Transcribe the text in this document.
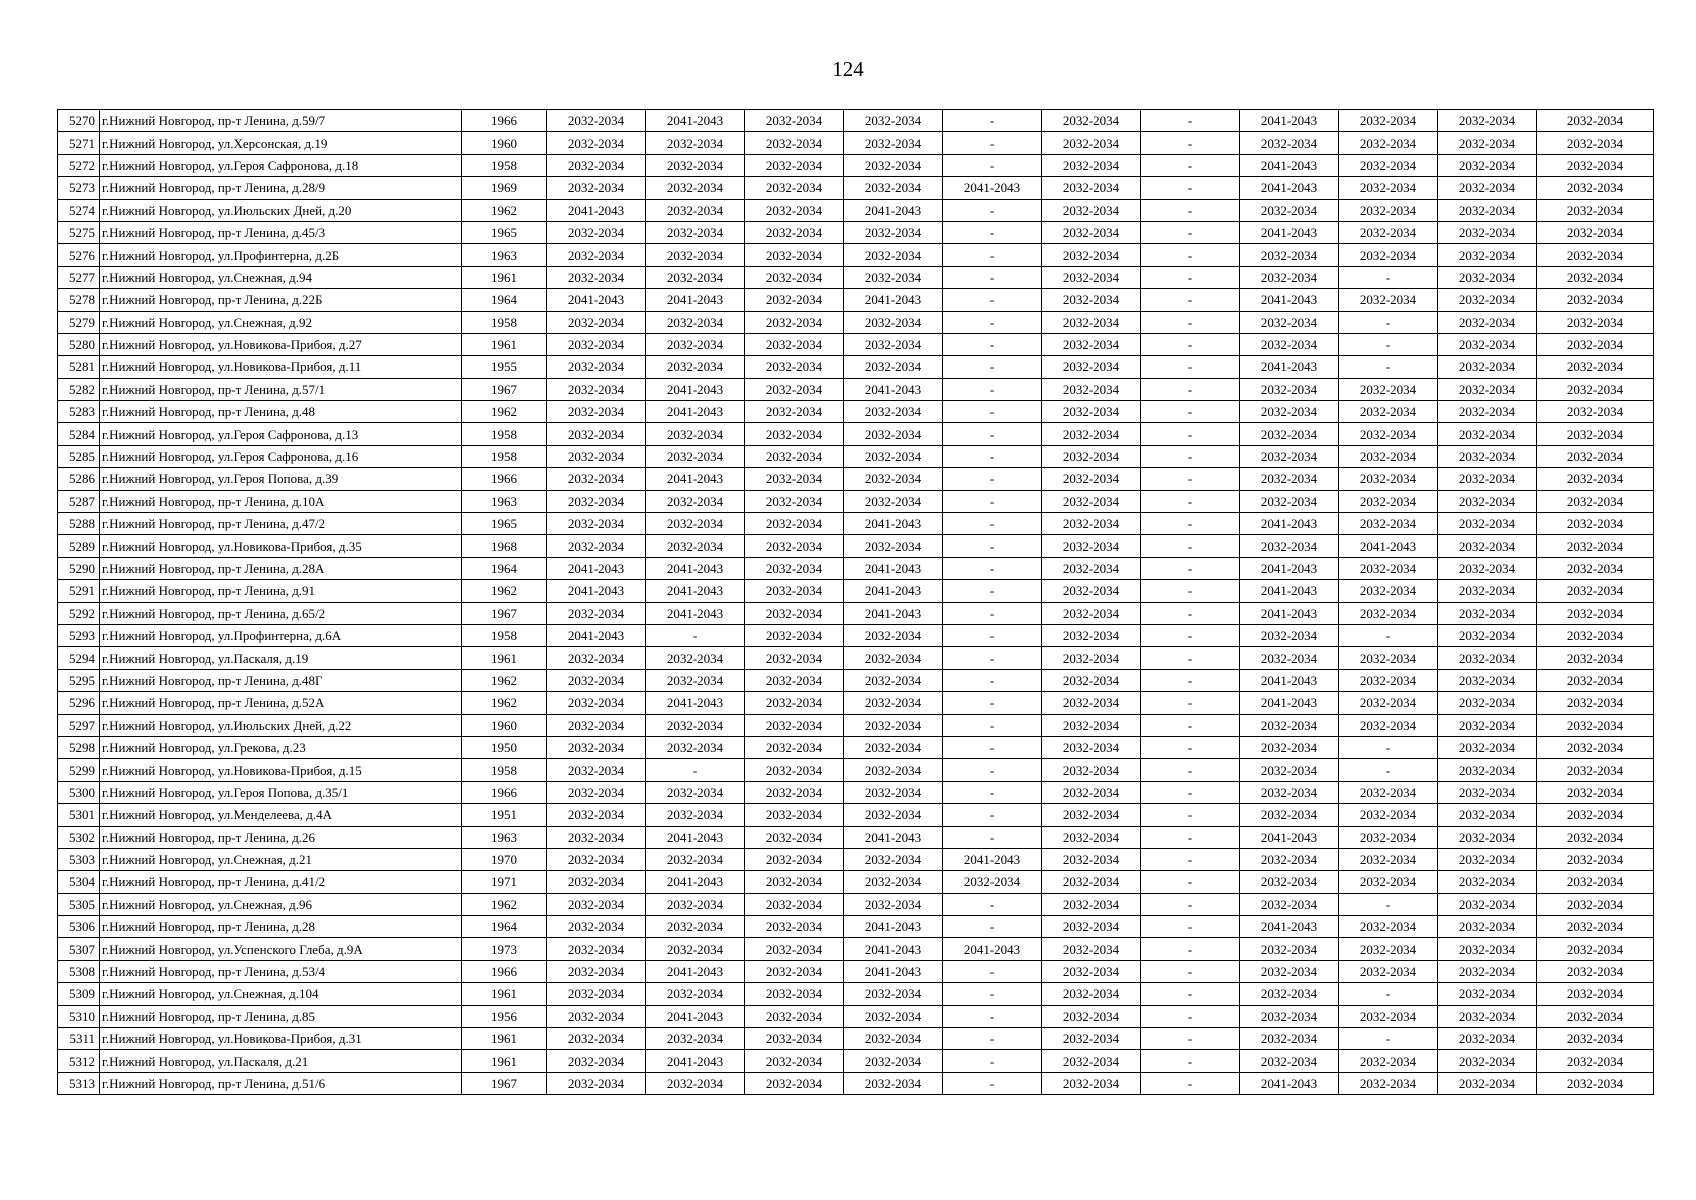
124
5270	г.Нижний Новгород, пр-т Ленина, д.59/7	1966	2032-2034	2041-2043	2032-2034	2032-2034	-	2032-2034	-	2041-2043	2032-2034	2032-2034	2032-2034
5271	г.Нижний Новгород, ул.Херсонская, д.19	1960	2032-2034	2032-2034	2032-2034	2032-2034	-	2032-2034	-	2032-2034	2032-2034	2032-2034	2032-2034
5272	г.Нижний Новгород, ул.Героя Сафронова, д.18	1958	2032-2034	2032-2034	2032-2034	2032-2034	-	2032-2034	-	2041-2043	2032-2034	2032-2034	2032-2034
5273	г.Нижний Новгород, пр-т Ленина, д.28/9	1969	2032-2034	2032-2034	2032-2034	2032-2034	2041-2043	2032-2034	-	2041-2043	2032-2034	2032-2034	2032-2034
5274	г.Нижний Новгород, ул.Июльских Дней, д.20	1962	2041-2043	2032-2034	2032-2034	2041-2043	-	2032-2034	-	2032-2034	2032-2034	2032-2034	2032-2034
5275	г.Нижний Новгород, пр-т Ленина, д.45/3	1965	2032-2034	2032-2034	2032-2034	2032-2034	-	2032-2034	-	2041-2043	2032-2034	2032-2034	2032-2034
5276	г.Нижний Новгород, ул.Профинтерна, д.2Б	1963	2032-2034	2032-2034	2032-2034	2032-2034	-	2032-2034	-	2032-2034	2032-2034	2032-2034	2032-2034
5277	г.Нижний Новгород, ул.Снежная, д.94	1961	2032-2034	2032-2034	2032-2034	2032-2034	-	2032-2034	-	2032-2034	-	2032-2034	2032-2034
5278	г.Нижний Новгород, пр-т Ленина, д.22Б	1964	2041-2043	2041-2043	2032-2034	2041-2043	-	2032-2034	-	2041-2043	2032-2034	2032-2034	2032-2034
5279	г.Нижний Новгород, ул.Снежная, д.92	1958	2032-2034	2032-2034	2032-2034	2032-2034	-	2032-2034	-	2032-2034	-	2032-2034	2032-2034
5280	г.Нижний Новгород, ул.Новикова-Прибоя, д.27	1961	2032-2034	2032-2034	2032-2034	2032-2034	-	2032-2034	-	2032-2034	-	2032-2034	2032-2034
5281	г.Нижний Новгород, ул.Новикова-Прибоя, д.11	1955	2032-2034	2032-2034	2032-2034	2032-2034	-	2032-2034	-	2041-2043	-	2032-2034	2032-2034
5282	г.Нижний Новгород, пр-т Ленина, д.57/1	1967	2032-2034	2041-2043	2032-2034	2041-2043	-	2032-2034	-	2032-2034	2032-2034	2032-2034	2032-2034
5283	г.Нижний Новгород, пр-т Ленина, д.48	1962	2032-2034	2041-2043	2032-2034	2032-2034	-	2032-2034	-	2032-2034	2032-2034	2032-2034	2032-2034
5284	г.Нижний Новгород, ул.Героя Сафронова, д.13	1958	2032-2034	2032-2034	2032-2034	2032-2034	-	2032-2034	-	2032-2034	2032-2034	2032-2034	2032-2034
5285	г.Нижний Новгород, ул.Героя Сафронова, д.16	1958	2032-2034	2032-2034	2032-2034	2032-2034	-	2032-2034	-	2032-2034	2032-2034	2032-2034	2032-2034
5286	г.Нижний Новгород, ул.Героя Попова, д.39	1966	2032-2034	2041-2043	2032-2034	2032-2034	-	2032-2034	-	2032-2034	2032-2034	2032-2034	2032-2034
5287	г.Нижний Новгород, пр-т Ленина, д.10А	1963	2032-2034	2032-2034	2032-2034	2032-2034	-	2032-2034	-	2032-2034	2032-2034	2032-2034	2032-2034
5288	г.Нижний Новгород, пр-т Ленина, д.47/2	1965	2032-2034	2032-2034	2032-2034	2041-2043	-	2032-2034	-	2041-2043	2032-2034	2032-2034	2032-2034
5289	г.Нижний Новгород, ул.Новикова-Прибоя, д.35	1968	2032-2034	2032-2034	2032-2034	2032-2034	-	2032-2034	-	2032-2034	2041-2043	2032-2034	2032-2034
5290	г.Нижний Новгород, пр-т Ленина, д.28А	1964	2041-2043	2041-2043	2032-2034	2041-2043	-	2032-2034	-	2041-2043	2032-2034	2032-2034	2032-2034
5291	г.Нижний Новгород, пр-т Ленина, д.91	1962	2041-2043	2041-2043	2032-2034	2041-2043	-	2032-2034	-	2041-2043	2032-2034	2032-2034	2032-2034
5292	г.Нижний Новгород, пр-т Ленина, д.65/2	1967	2032-2034	2041-2043	2032-2034	2041-2043	-	2032-2034	-	2041-2043	2032-2034	2032-2034	2032-2034
5293	г.Нижний Новгород, ул.Профинтерна, д.6А	1958	2041-2043	-	2032-2034	2032-2034	-	2032-2034	-	2032-2034	-	2032-2034	2032-2034
5294	г.Нижний Новгород, ул.Паскаля, д.19	1961	2032-2034	2032-2034	2032-2034	2032-2034	-	2032-2034	-	2032-2034	2032-2034	2032-2034	2032-2034
5295	г.Нижний Новгород, пр-т Ленина, д.48Г	1962	2032-2034	2032-2034	2032-2034	2032-2034	-	2032-2034	-	2041-2043	2032-2034	2032-2034	2032-2034
5296	г.Нижний Новгород, пр-т Ленина, д.52А	1962	2032-2034	2041-2043	2032-2034	2032-2034	-	2032-2034	-	2041-2043	2032-2034	2032-2034	2032-2034
5297	г.Нижний Новгород, ул.Июльских Дней, д.22	1960	2032-2034	2032-2034	2032-2034	2032-2034	-	2032-2034	-	2032-2034	2032-2034	2032-2034	2032-2034
5298	г.Нижний Новгород, ул.Грекова, д.23	1950	2032-2034	2032-2034	2032-2034	2032-2034	-	2032-2034	-	2032-2034	-	2032-2034	2032-2034
5299	г.Нижний Новгород, ул.Новикова-Прибоя, д.15	1958	2032-2034	-	2032-2034	2032-2034	-	2032-2034	-	2032-2034	-	2032-2034	2032-2034
5300	г.Нижний Новгород, ул.Героя Попова, д.35/1	1966	2032-2034	2032-2034	2032-2034	2032-2034	-	2032-2034	-	2032-2034	2032-2034	2032-2034	2032-2034
5301	г.Нижний Новгород, ул.Менделеева, д.4А	1951	2032-2034	2032-2034	2032-2034	2032-2034	-	2032-2034	-	2032-2034	2032-2034	2032-2034	2032-2034
5302	г.Нижний Новгород, пр-т Ленина, д.26	1963	2032-2034	2041-2043	2032-2034	2041-2043	-	2032-2034	-	2041-2043	2032-2034	2032-2034	2032-2034
5303	г.Нижний Новгород, ул.Снежная, д.21	1970	2032-2034	2032-2034	2032-2034	2032-2034	2041-2043	2032-2034	-	2032-2034	2032-2034	2032-2034	2032-2034
5304	г.Нижний Новгород, пр-т Ленина, д.41/2	1971	2032-2034	2041-2043	2032-2034	2032-2034	2032-2034	2032-2034	-	2032-2034	2032-2034	2032-2034	2032-2034
5305	г.Нижний Новгород, ул.Снежная, д.96	1962	2032-2034	2032-2034	2032-2034	2032-2034	-	2032-2034	-	2032-2034	-	2032-2034	2032-2034
5306	г.Нижний Новгород, пр-т Ленина, д.28	1964	2032-2034	2032-2034	2032-2034	2041-2043	-	2032-2034	-	2041-2043	2032-2034	2032-2034	2032-2034
5307	г.Нижний Новгород, ул.Успенского Глеба, д.9А	1973	2032-2034	2032-2034	2032-2034	2041-2043	2041-2043	2032-2034	-	2032-2034	2032-2034	2032-2034	2032-2034
5308	г.Нижний Новгород, пр-т Ленина, д.53/4	1966	2032-2034	2041-2043	2032-2034	2041-2043	-	2032-2034	-	2032-2034	2032-2034	2032-2034	2032-2034
5309	г.Нижний Новгород, ул.Снежная, д.104	1961	2032-2034	2032-2034	2032-2034	2032-2034	-	2032-2034	-	2032-2034	-	2032-2034	2032-2034
5310	г.Нижний Новгород, пр-т Ленина, д.85	1956	2032-2034	2041-2043	2032-2034	2032-2034	-	2032-2034	-	2032-2034	2032-2034	2032-2034	2032-2034
5311	г.Нижний Новгород, ул.Новикова-Прибоя, д.31	1961	2032-2034	2032-2034	2032-2034	2032-2034	-	2032-2034	-	2032-2034	-	2032-2034	2032-2034
5312	г.Нижний Новгород, ул.Паскаля, д.21	1961	2032-2034	2041-2043	2032-2034	2032-2034	-	2032-2034	-	2032-2034	2032-2034	2032-2034	2032-2034
5313	г.Нижний Новгород, пр-т Ленина, д.51/6	1967	2032-2034	2032-2034	2032-2034	2032-2034	-	2032-2034	-	2041-2043	2032-2034	2032-2034	2032-2034
